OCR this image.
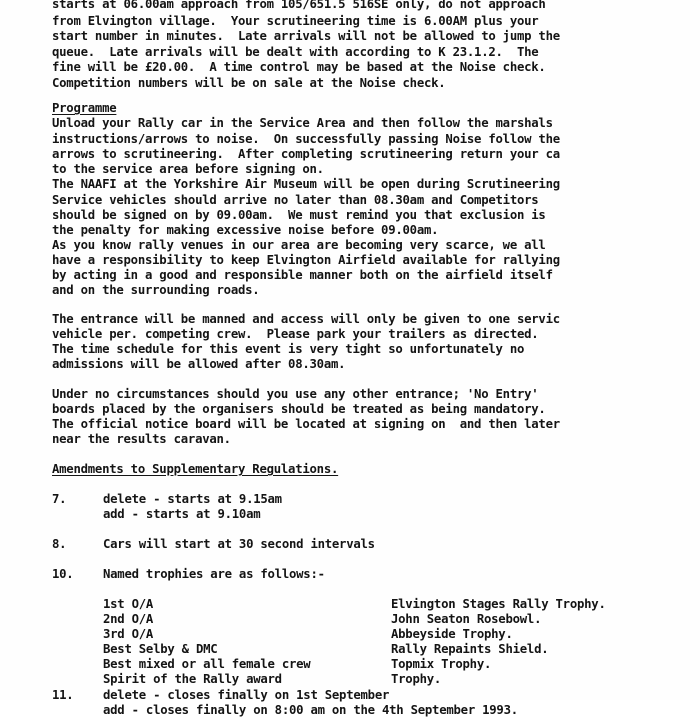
starts at 06.00am approach from 105/651.5 516SE only, do not approach
from Elvington village.  Your scrutineering time is 6.00AM plus your
start number in minutes.  Late arrivals will not be allowed to jump the
queue.  Late arrivals will be dealt with according to K 23.1.2.  The
fine will be £20.00.  A time control may be based at the Noise check.
Competition numbers will be on sale at the Noise check.
Programme
Unload your Rally car in the Service Area and then follow the marshals
instructions/arrows to noise.  On successfully passing Noise follow the
arrows to scrutineering.  After completing scrutineering return your ca
to the service area before signing on.
The NAAFI at the Yorkshire Air Museum will be open during Scrutineering
Service vehicles should arrive no later than 08.30am and Competitors
should be signed on by 09.00am.  We must remind you that exclusion is
the penalty for making excessive noise before 09.00am.
As you know rally venues in our area are becoming very scarce, we all
have a responsibility to keep Elvington Airfield available for rallying
by acting in a good and responsible manner both on the airfield itself
and on the surrounding roads.
The entrance will be manned and access will only be given to one servic
vehicle per. competing crew.  Please park your trailers as directed.
The time schedule for this event is very tight so unfortunately no
admissions will be allowed after 08.30am.
Under no circumstances should you use any other entrance; 'No Entry'
boards placed by the organisers should be treated as being mandatory.
The official notice board will be located at signing on  and then later
near the results caravan.
Amendments to Supplementary Regulations.
7.	delete - starts at 9.15am
add - starts at 9.10am
8.	Cars will start at 30 second intervals
10. Named trophies are as follows:-
1st O/A	Elvington Stages Rally Trophy.
2nd O/A	John Seaton Rosebowl.
3rd O/A	Abbeyside Trophy.
Best Selby & DMC	Rally Repaints Shield.
Best mixed or all female crew	Topmix Trophy.
Spirit of the Rally award	Trophy.
11. delete - closes finally on 1st September
add - closes finally on 8:00 am on the 4th September 1993.
